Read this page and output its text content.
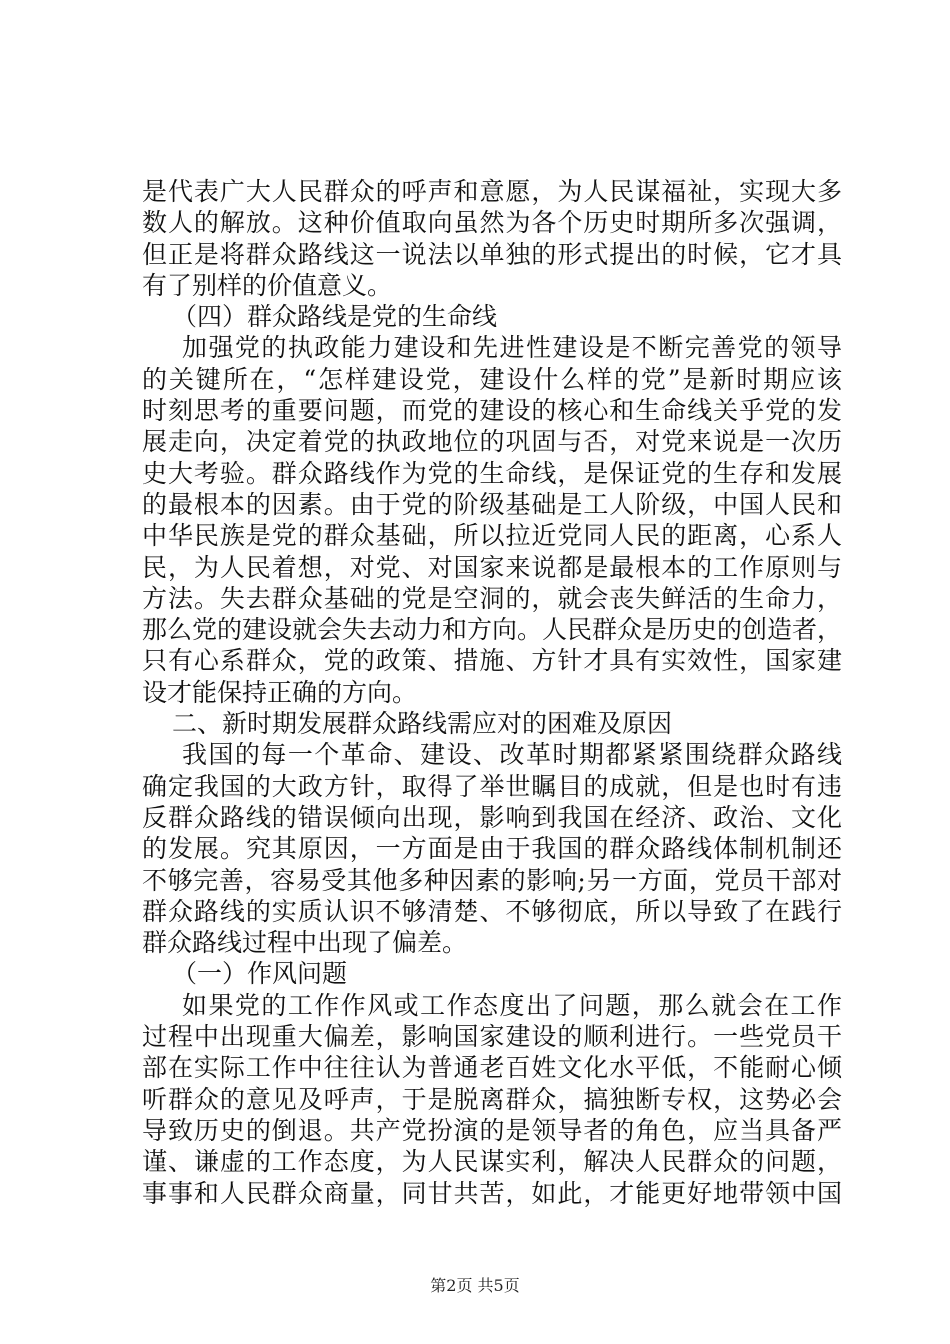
是代表广大人民群众的呼声和意愿，为人民谋福祉，实现大多
数人的解放。这种价值取向虽然为各个历史时期所多次强调，
但正是将群众路线这一说法以单独的形式提出的时候，它才具
有了别样的价值意义。
（四）群众路线是党的生命线
加强党的执政能力建设和先进性建设是不断完善党的领导
的关键所在，“怎样建设党，建设什么样的党”是新时期应该
时刻思考的重要问题，而党的建设的核心和生命线关乎党的发
展走向，决定着党的执政地位的巩固与否，对党来说是一次历
史大考验。群众路线作为党的生命线，是保证党的生存和发展
的最根本的因素。由于党的阶级基础是工人阶级，中国人民和
中华民族是党的群众基础，所以拉近党同人民的距离，心系人
民，为人民着想，对党、对国家来说都是最根本的工作原则与
方法。失去群众基础的党是空洞的，就会丧失鲜活的生命力，
那么党的建设就会失去动力和方向。人民群众是历史的创造者，
只有心系群众，党的政策、措施、方针才具有实效性，国家建
设才能保持正确的方向。
二、新时期发展群众路线需应对的困难及原因
我国的每一个革命、建设、改革时期都紧紧围绕群众路线
确定我国的大政方针，取得了举世瞩目的成就，但是也时有违
反群众路线的错误倾向出现，影响到我国在经济、政治、文化
的发展。究其原因，一方面是由于我国的群众路线体制机制还
不够完善，容易受其他多种因素的影响;另一方面，党员干部对
群众路线的实质认识不够清楚、不够彻底，所以导致了在践行
群众路线过程中出现了偏差。
（一）作风问题
如果党的工作作风或工作态度出了问题，那么就会在工作
过程中出现重大偏差，影响国家建设的顺利进行。一些党员干
部在实际工作中往往认为普通老百姓文化水平低，不能耐心倾
听群众的意见及呼声，于是脱离群众，搞独断专权，这势必会
导致历史的倒退。共产党扮演的是领导者的角色，应当具备严
谨、谦虚的工作态度，为人民谋实利，解决人民群众的问题，
事事和人民群众商量，同甘共苦，如此，才能更好地带领中国
第2页 共5页
